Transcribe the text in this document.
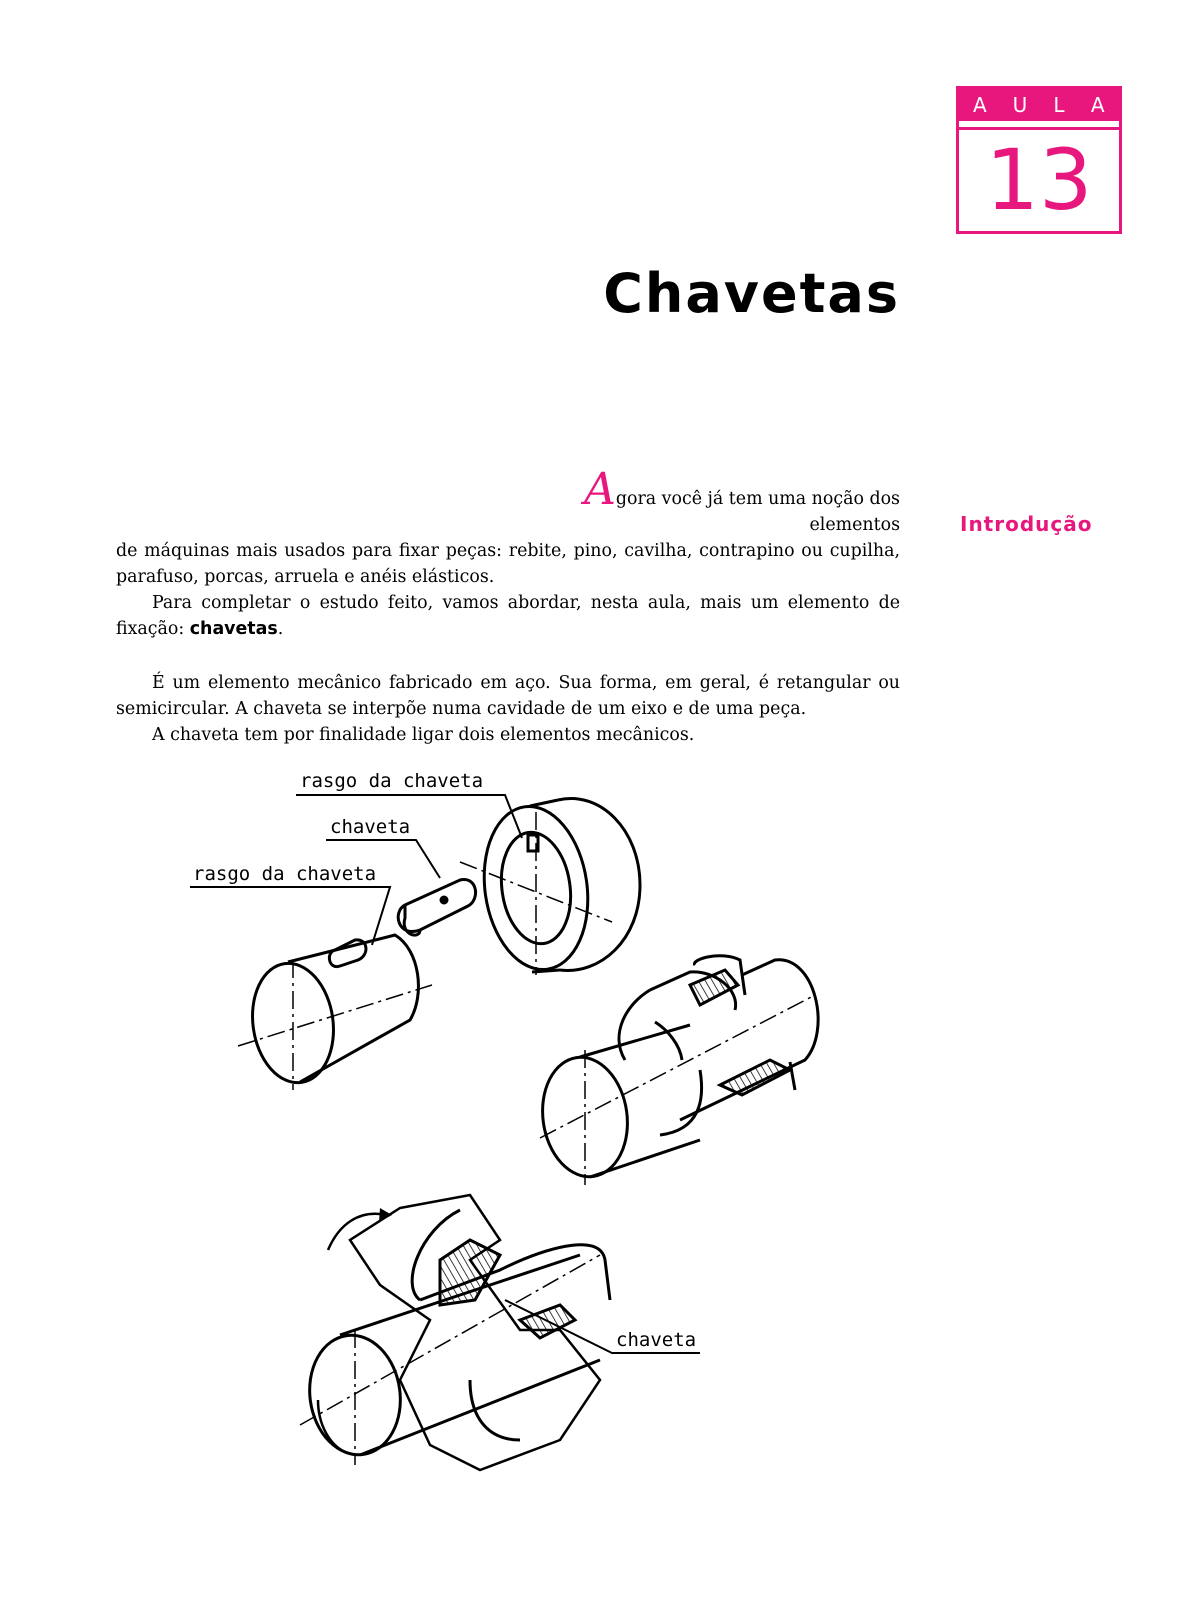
AULA
13
Chavetas
Introdução

Agora você já tem uma noção dos elementos

de máquinas mais usados para fixar peças: rebite, pino, cavilha, contrapino ou cupilha, parafuso, porcas, arruela e anéis elásticos.

Para completar o estudo feito, vamos abordar, nesta aula, mais um elemento de fixação: chavetas.

É um elemento mecânico fabricado em aço. Sua forma, em geral, é retangular ou semicircular. A chaveta se interpõe numa cavidade de um eixo e de uma peça.

A chaveta tem por finalidade ligar dois elementos mecânicos.

rasgo da chaveta
chaveta
rasgo da chaveta
chaveta
